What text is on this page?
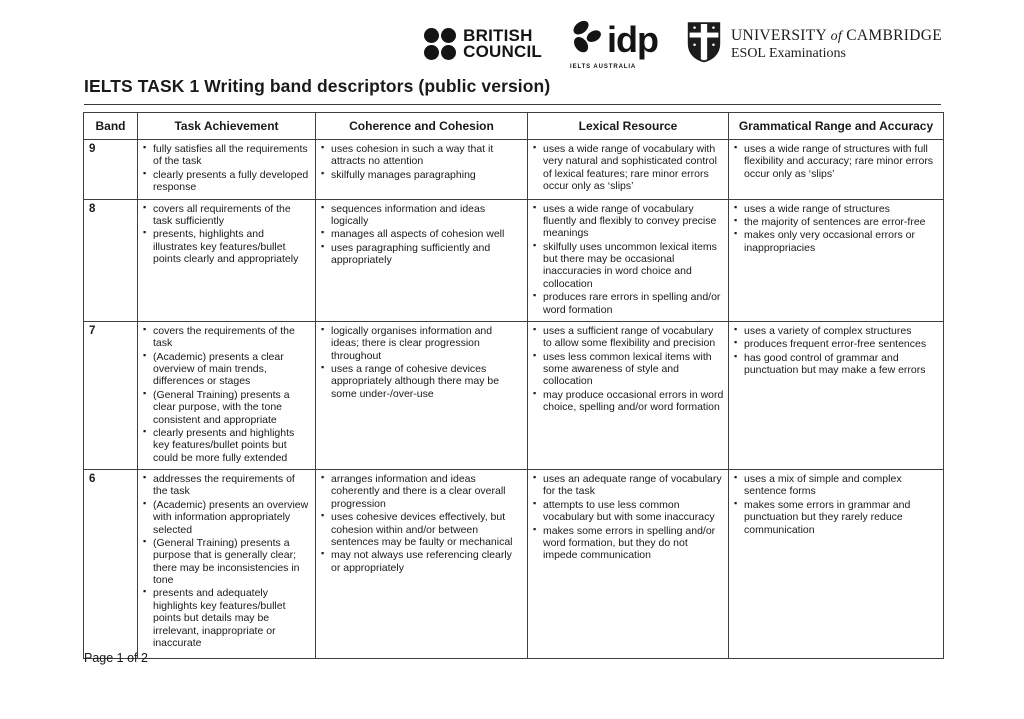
BRITISH
COUNCIL idp
IELTS AUSTRALIA
UNIVERSITY of CAMBRIDGE
ESOL Examinations
IELTS TASK 1 Writing band descriptors (public version)
Band	Task Achievement	Coherence and Cohesion	Lexical Resource	Grammatical Range and Accuracy
9	
▪fully satisfies all the requirements of the task
▪ clearly presents a fully developed response

▪ uses cohesion in such a way that it attracts no attention
▪ skilfully manages paragraphing

▪ uses a wide range of vocabulary with very natural and sophisticated control of lexical features; rare minor errors occur only as ‘slips’

▪ uses a wide range of structures with full flexibility and accuracy; rare minor errors occur only as ‘slips’

8	
▪covers all requirements of the task sufficiently
▪ presents, highlights and illustrates key features/bullet points clearly and appropriately

▪ sequences information and ideas logically
▪ manages all aspects of cohesion well
▪ uses paragraphing sufficiently and appropriately

▪ uses a wide range of vocabulary fluently and flexibly to convey precise meanings
▪ skilfully uses uncommon lexical items but there may be occasional inaccuracies in word choice and collocation
▪ produces rare errors in spelling and/or word formation

▪ uses a wide range of structures
▪ the majority of sentences are error-free
▪ makes only very occasional errors or inappropriacies

7	
▪covers the requirements of the task
▪ (Academic) presents a clear overview of main trends, differences or stages
▪ (General Training) presents a clear purpose, with the tone consistent and appropriate
▪ clearly presents and highlights key features/bullet points but could be more fully extended

▪ logically organises information and ideas; there is clear progression throughout
▪ uses a range of cohesive devices appropriately although there may be some under-/over-use

▪ uses a sufficient range of vocabulary to allow some flexibility and precision
▪ uses less common lexical items with some awareness of style and collocation
▪ may produce occasional errors in word choice, spelling and/or word formation

▪ uses a variety of complex structures
▪ produces frequent error-free sentences
▪ has good control of grammar and punctuation but may make a few errors

6	
▪addresses the requirements of the task
▪ (Academic) presents an overview with information appropriately selected
▪ (General Training) presents a purpose that is generally clear; there may be inconsistencies in tone
▪ presents and adequately highlights key features/bullet points but details may be irrelevant, inappropriate or inaccurate

▪ arranges information and ideas coherently and there is a clear overall progression
▪ uses cohesive devices effectively, but cohesion within and/or between sentences may be faulty or mechanical
▪ may not always use referencing clearly or appropriately

▪ uses an adequate range of vocabulary for the task
▪ attempts to use less common vocabulary but with some inaccuracy
▪ makes some errors in spelling and/or word formation, but they do not impede communication

▪ uses a mix of simple and complex sentence forms
▪ makes some errors in grammar and punctuation but they rarely reduce communication
Page 1 of 2
